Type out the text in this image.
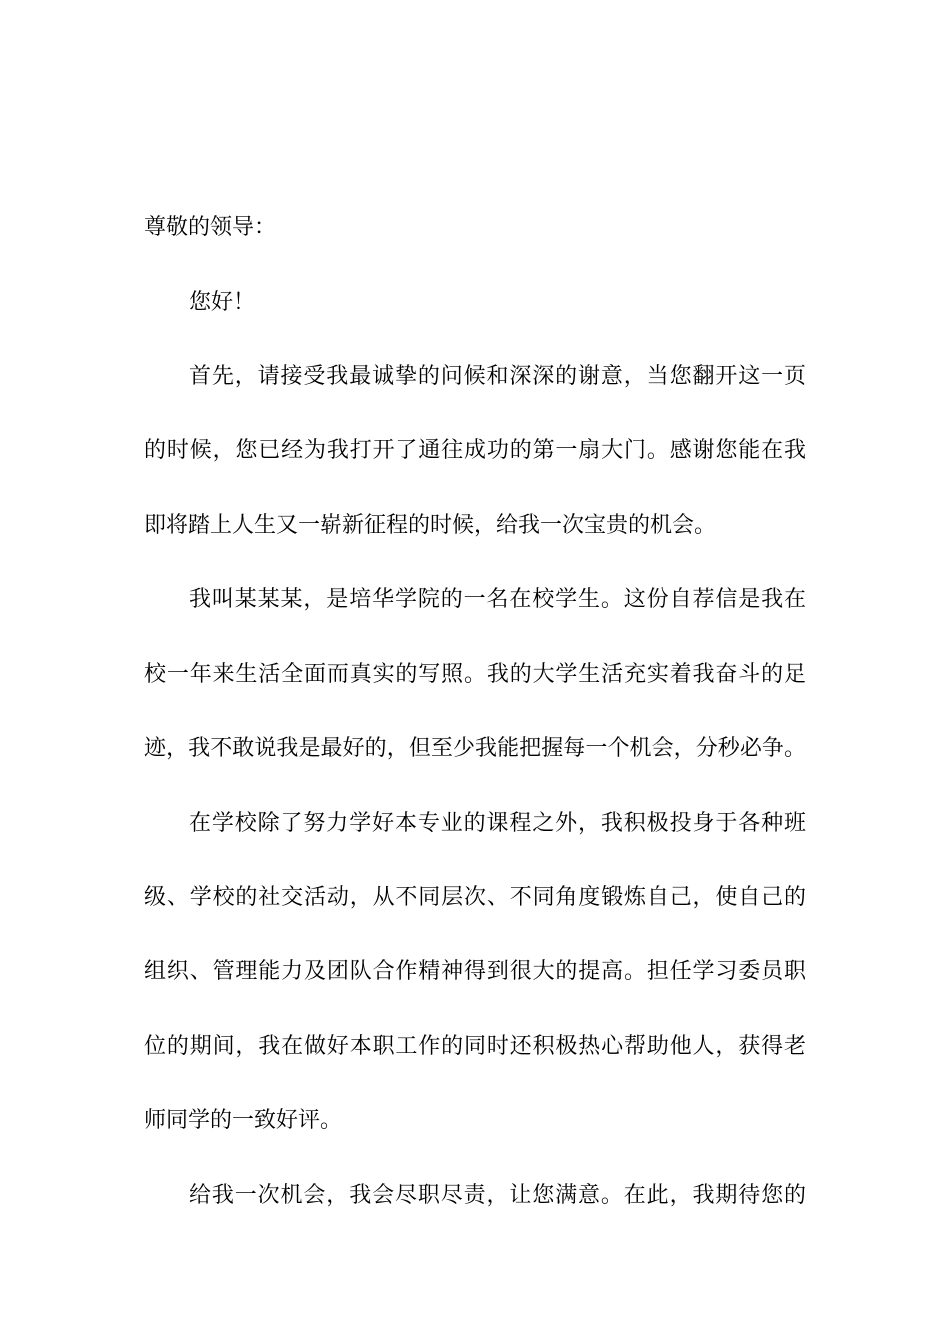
尊敬的领导：
您好！
首先，请接受我最诚挚的问候和深深的谢意，当您翻开这一页
的时候，您已经为我打开了通往成功的第一扇大门。感谢您能在我
即将踏上人生又一崭新征程的时候，给我一次宝贵的机会。
我叫某某某，是培华学院的一名在校学生。这份自荐信是我在
校一年来生活全面而真实的写照。我的大学生活充实着我奋斗的足
迹，我不敢说我是最好的，但至少我能把握每一个机会，分秒必争。
在学校除了努力学好本专业的课程之外，我积极投身于各种班
级、学校的社交活动，从不同层次、不同角度锻炼自己，使自己的
组织、管理能力及团队合作精神得到很大的提高。担任学习委员职
位的期间，我在做好本职工作的同时还积极热心帮助他人，获得老
师同学的一致好评。
给我一次机会，我会尽职尽责，让您满意。在此，我期待您的
